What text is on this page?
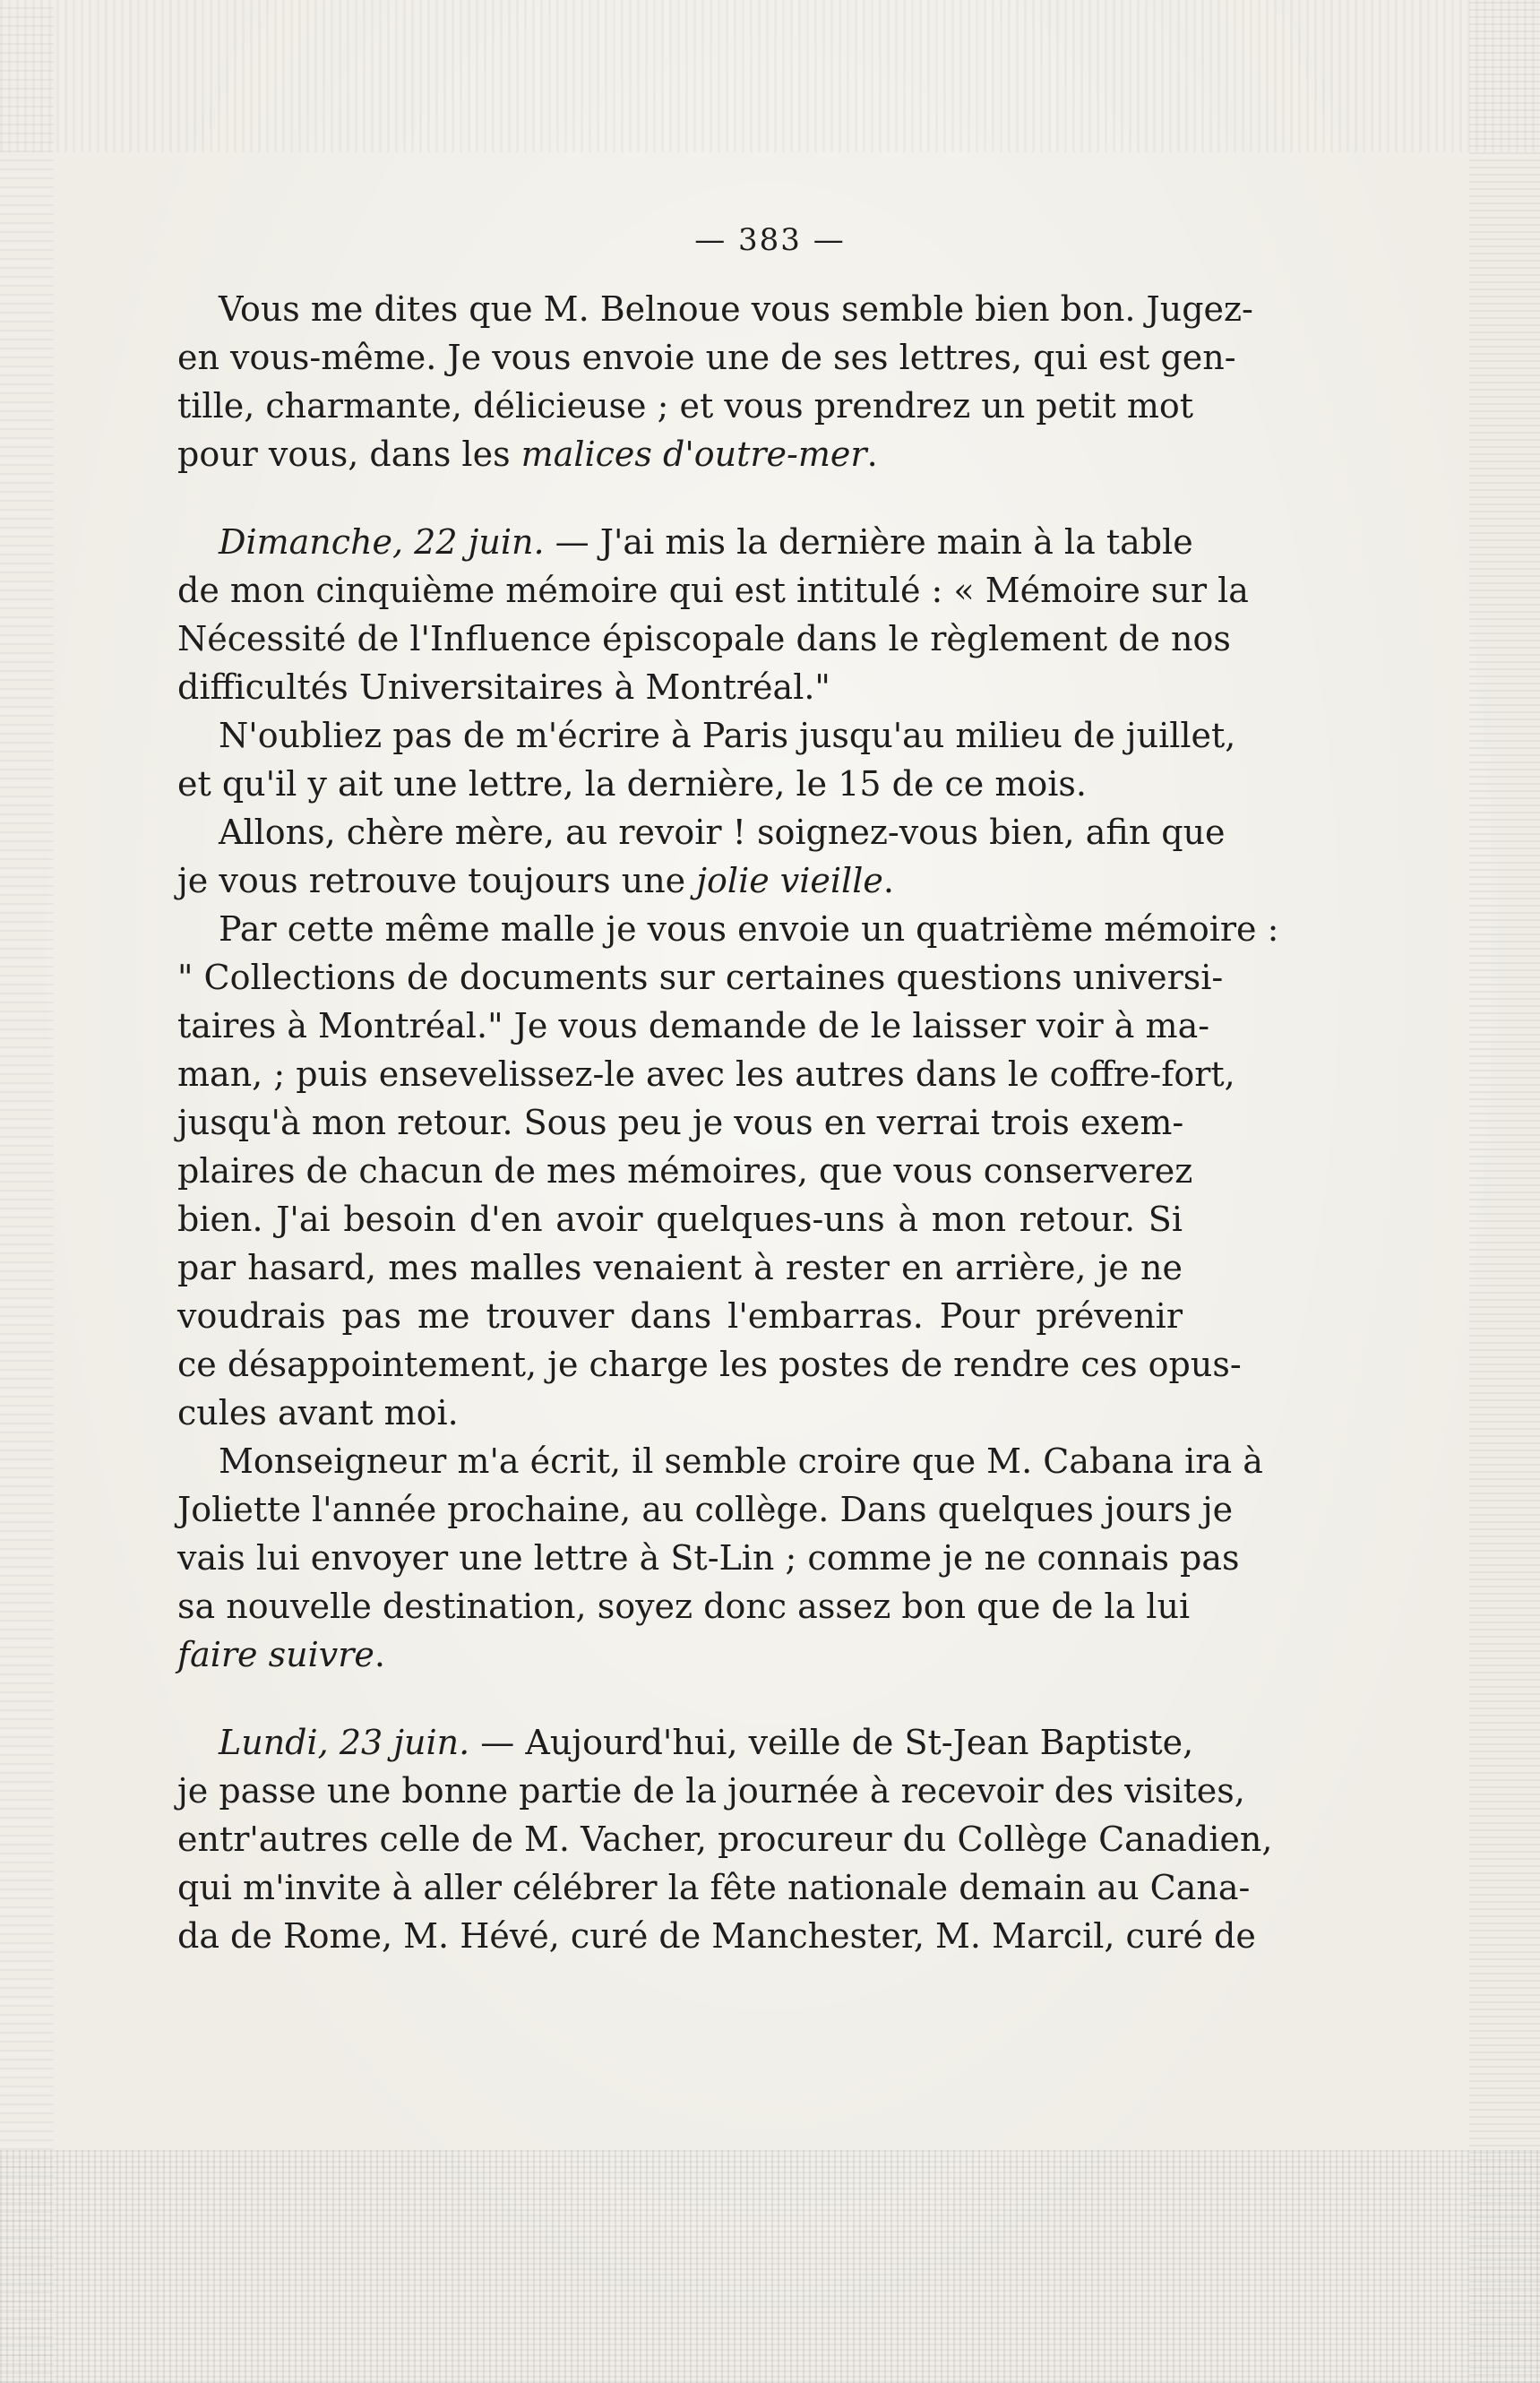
— 383 —
Vous me dites que M. Belnoue vous semble bien bon. Jugez-
en vous-même. Je vous envoie une de ses lettres, qui est gen-
tille, charmante, délicieuse ; et vous prendrez un petit mot
pour vous, dans les malices d'outre-mer.
Dimanche, 22 juin. — J'ai mis la dernière main à la table
de mon cinquième mémoire qui est intitulé : « Mémoire sur la
Nécessité de l'Influence épiscopale dans le règlement de nos
difficultés Universitaires à Montréal."
N'oubliez pas de m'écrire à Paris jusqu'au milieu de juillet,
et qu'il y ait une lettre, la dernière, le 15 de ce mois.
Allons, chère mère, au revoir ! soignez-vous bien, afin que
je vous retrouve toujours une jolie vieille.
Par cette même malle je vous envoie un quatrième mémoire :
" Collections de documents sur certaines questions universi-
taires à Montréal." Je vous demande de le laisser voir à ma-
man, ; puis ensevelissez-le avec les autres dans le coffre-fort,
jusqu'à mon retour. Sous peu je vous en verrai trois exem-
plaires de chacun de mes mémoires, que vous conserverez
bien. J'ai besoin d'en avoir quelques-uns à mon retour. Si
par hasard, mes malles venaient à rester en arrière, je ne
voudrais pas me trouver dans l'embarras. Pour prévenir
ce désappointement, je charge les postes de rendre ces opus-
cules avant moi.
Monseigneur m'a écrit, il semble croire que M. Cabana ira à
Joliette l'année prochaine, au collège. Dans quelques jours je
vais lui envoyer une lettre à St-Lin ; comme je ne connais pas
sa nouvelle destination, soyez donc assez bon que de la lui
faire suivre.
Lundi, 23 juin. — Aujourd'hui, veille de St-Jean Baptiste,
je passe une bonne partie de la journée à recevoir des visites,
entr'autres celle de M. Vacher, procureur du Collège Canadien,
qui m'invite à aller célébrer la fête nationale demain au Cana-
da de Rome, M. Hévé, curé de Manchester, M. Marcil, curé de
